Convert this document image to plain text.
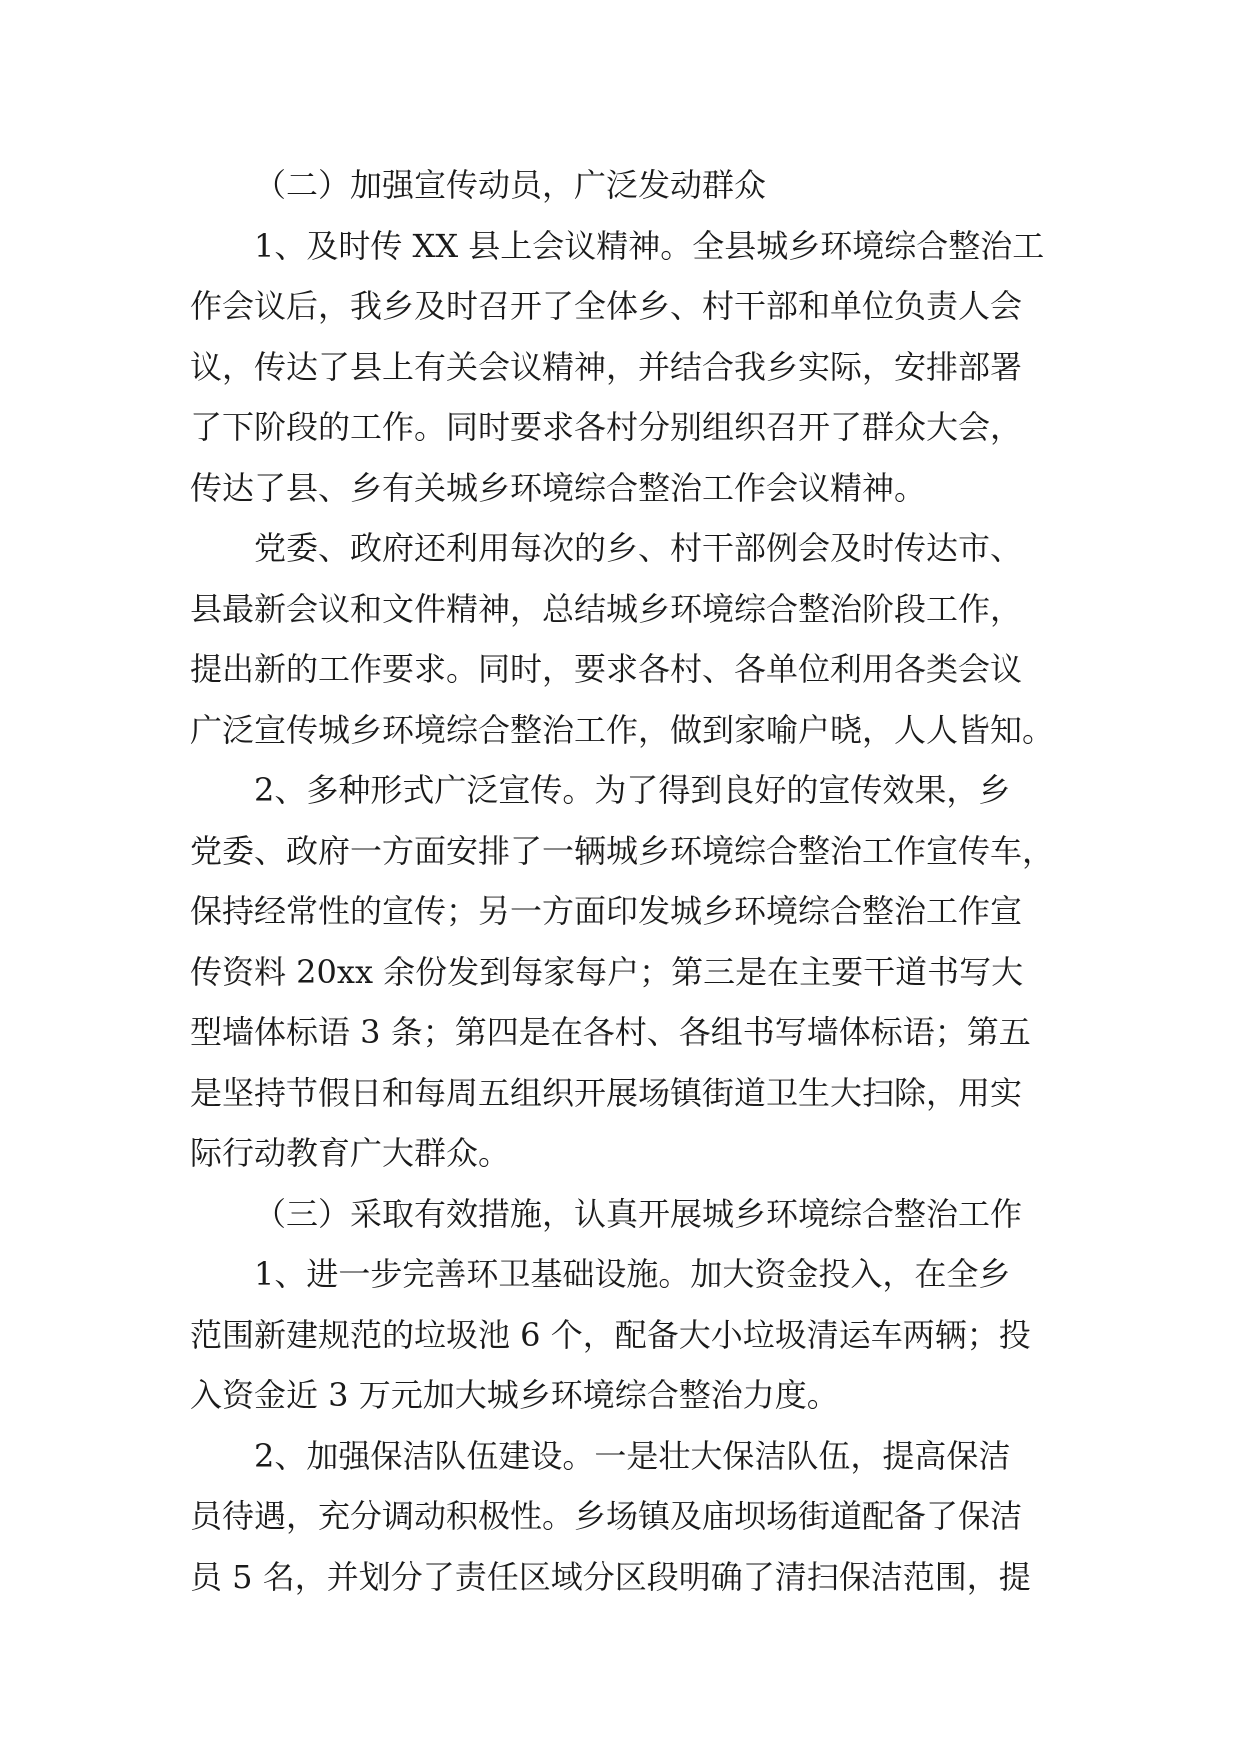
（二）加强宣传动员，广泛发动群众
1、及时传 XX 县上会议精神。全县城乡环境综合整治工
作会议后，我乡及时召开了全体乡、村干部和单位负责人会
议，传达了县上有关会议精神，并结合我乡实际，安排部署
了下阶段的工作。同时要求各村分别组织召开了群众大会，
传达了县、乡有关城乡环境综合整治工作会议精神。
党委、政府还利用每次的乡、村干部例会及时传达市、
县最新会议和文件精神，总结城乡环境综合整治阶段工作，
提出新的工作要求。同时，要求各村、各单位利用各类会议
广泛宣传城乡环境综合整治工作，做到家喻户晓，人人皆知。
2、多种形式广泛宣传。为了得到良好的宣传效果，乡
党委、政府一方面安排了一辆城乡环境综合整治工作宣传车，
保持经常性的宣传；另一方面印发城乡环境综合整治工作宣
传资料 20xx 余份发到每家每户；第三是在主要干道书写大
型墙体标语 3 条；第四是在各村、各组书写墙体标语；第五
是坚持节假日和每周五组织开展场镇街道卫生大扫除，用实
际行动教育广大群众。
（三）采取有效措施，认真开展城乡环境综合整治工作
1、进一步完善环卫基础设施。加大资金投入，在全乡
范围新建规范的垃圾池 6 个，配备大小垃圾清运车两辆；投
入资金近 3 万元加大城乡环境综合整治力度。
2、加强保洁队伍建设。一是壮大保洁队伍，提高保洁
员待遇，充分调动积极性。乡场镇及庙坝场街道配备了保洁
员 5 名，并划分了责任区域分区段明确了清扫保洁范围，提
